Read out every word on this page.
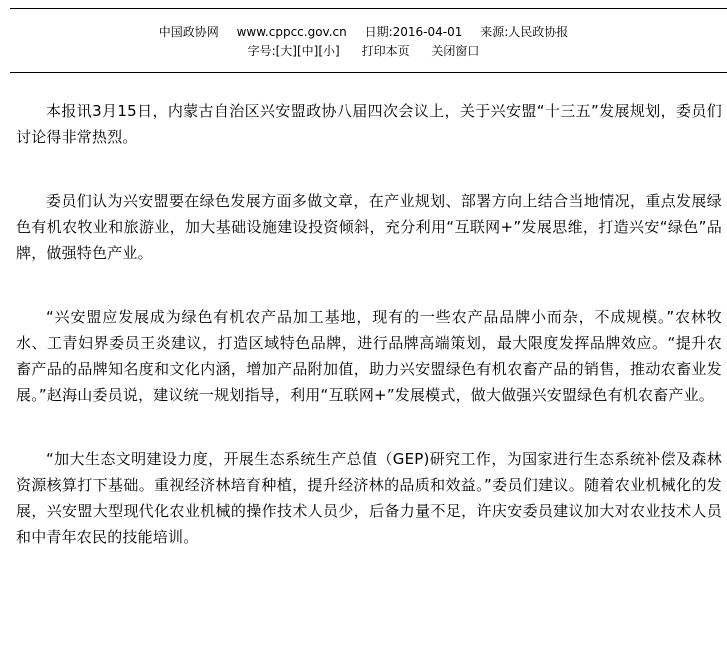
中国政协网 www.cppcc.gov.cn 日期:2016-04-01 来源:人民政协报
字号:[大][中][小] 打印本页 关闭窗口

本报讯3月15日，内蒙古自治区兴安盟政协八届四次会议上，关于兴安盟“十三五”发展规划，委员们讨论得非常热烈。

委员们认为兴安盟要在绿色发展方面多做文章，在产业规划、部署方向上结合当地情况，重点发展绿色有机农牧业和旅游业，加大基础设施建设投资倾斜，充分利用“互联网+”发展思维，打造兴安“绿色”品牌，做强特色产业。

“兴安盟应发展成为绿色有机农产品加工基地，现有的一些农产品品牌小而杂，不成规模。”农林牧水、工青妇界委员王炎建议，打造区域特色品牌，进行品牌高端策划，最大限度发挥品牌效应。“提升农畜产品的品牌知名度和文化内涵，增加产品附加值，助力兴安盟绿色有机农畜产品的销售，推动农畜业发展。”赵海山委员说，建议统一规划指导，利用“互联网+”发展模式，做大做强兴安盟绿色有机农畜产业。

“加大生态文明建设力度，开展生态系统生产总值（GEP)研究工作，为国家进行生态系统补偿及森林资源核算打下基础。重视经济林培育种植，提升经济林的品质和效益。”委员们建议。随着农业机械化的发展，兴安盟大型现代化农业机械的操作技术人员少，后备力量不足，许庆安委员建议加大对农业技术人员和中青年农民的技能培训。
